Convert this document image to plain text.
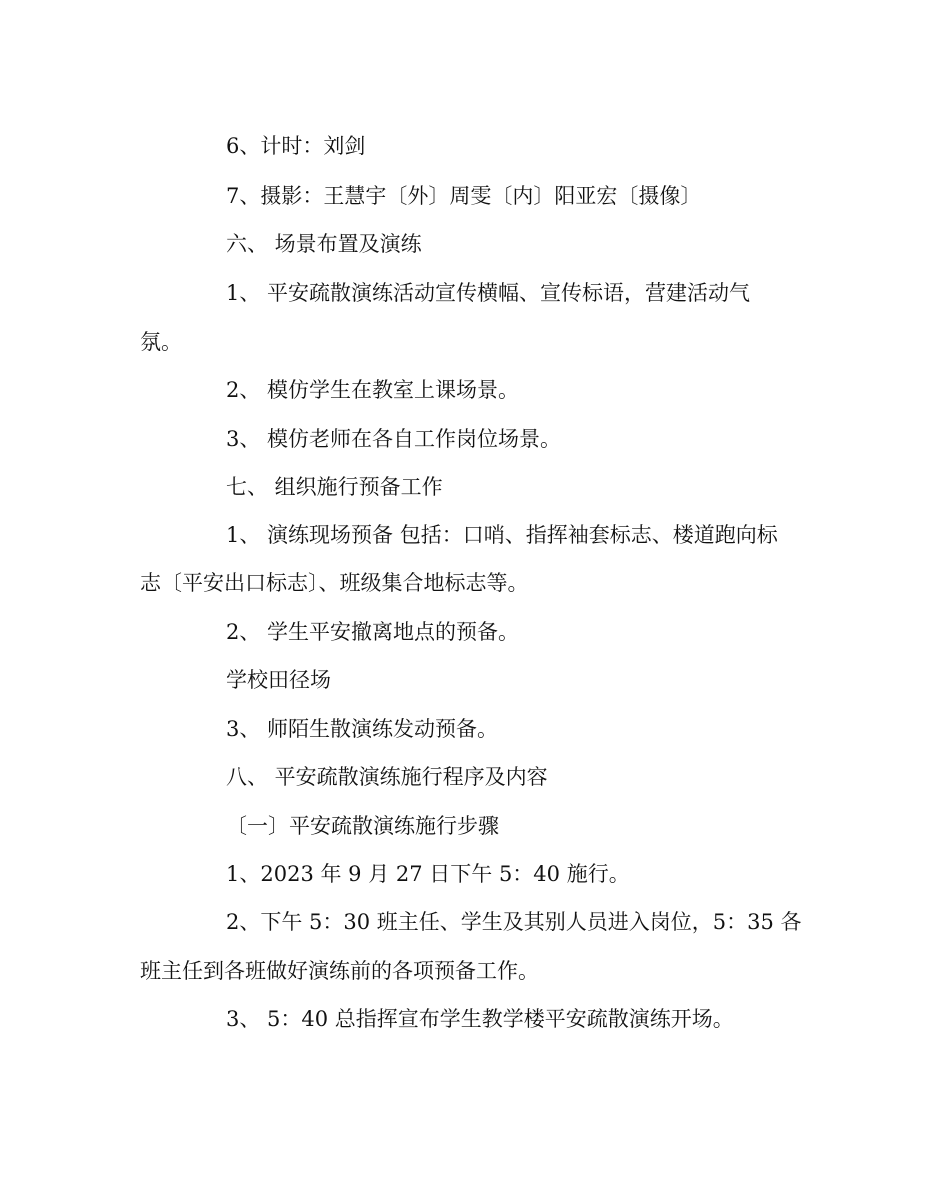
6、计时：刘剑
7、摄影：王慧宇〔外〕周雯〔内〕阳亚宏〔摄像〕
六、 场景布置及演练
1、 平安疏散演练活动宣传横幅、宣传标语，营建活动气
氛。
2、 模仿学生在教室上课场景。
3、 模仿老师在各自工作岗位场景。
七、 组织施行预备工作
1、 演练现场预备 包括：口哨、指挥袖套标志、楼道跑向标
志〔平安出口标志〕、班级集合地标志等。
2、 学生平安撤离地点的预备。
学校田径场
3、 师陌生散演练发动预备。
八、 平安疏散演练施行程序及内容
〔一〕平安疏散演练施行步骤
1、2023 年 9 月 27 日下午 5：40 施行。
2、下午 5：30 班主任、学生及其别人员进入岗位，5：35 各
班主任到各班做好演练前的各项预备工作。
3、 5：40 总指挥宣布学生教学楼平安疏散演练开场。
